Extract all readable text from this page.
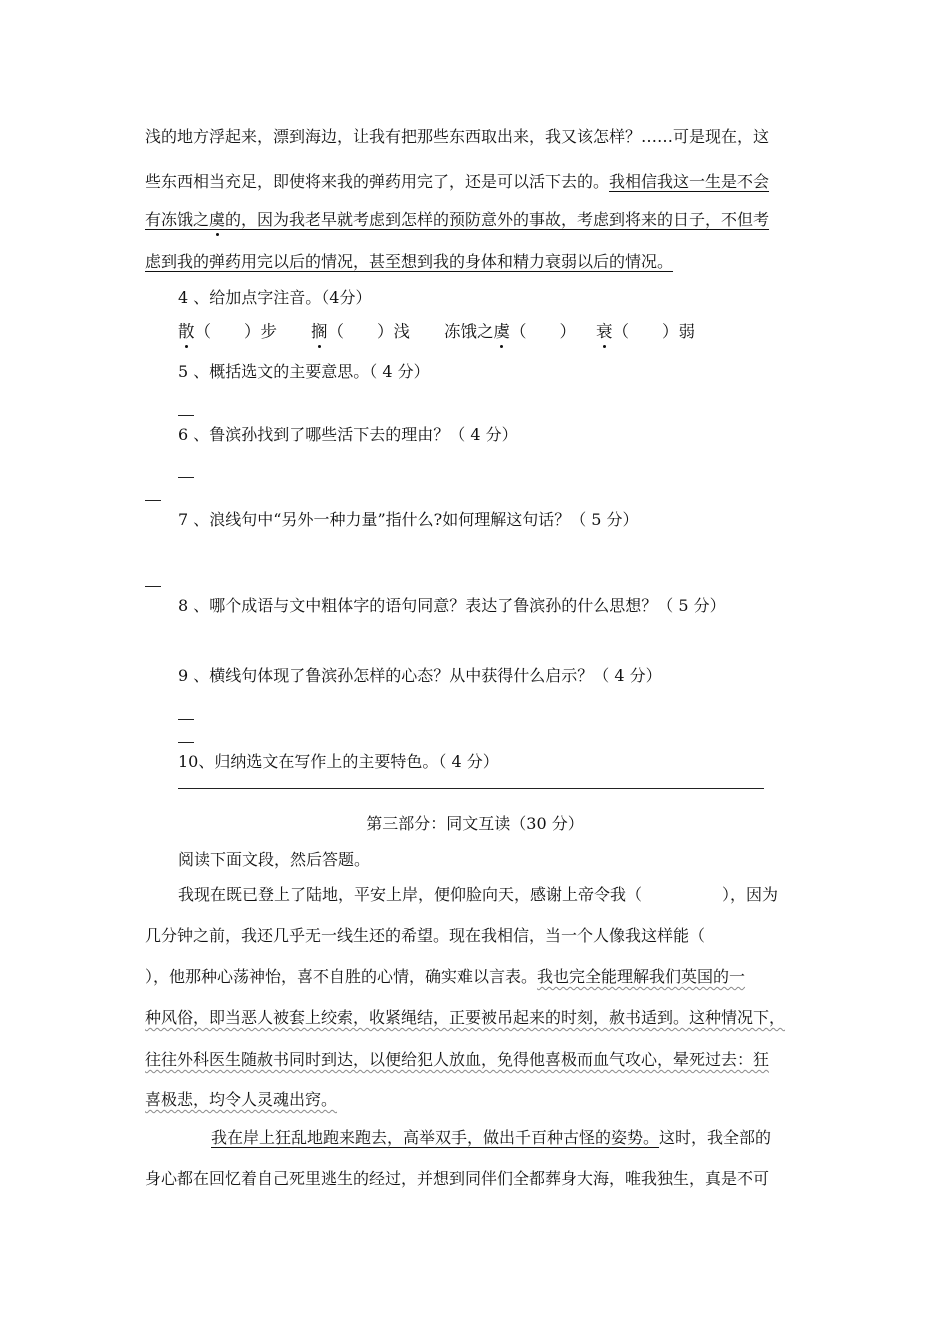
浅的地方浮起来，漂到海边，让我有把那些东西取出来，我又该怎样？……可是现在，这
些东西相当充足，即使将来我的弹药用完了，还是可以活下去的。我相信我这一生是不会
有冻饿之虞的，因为我老早就考虑到怎样的预防意外的事故，考虑到将来的日子，不但考
虑到我的弹药用完以后的情况，甚至想到我的身体和精力衰弱以后的情况。
4 、给加点字注音。（4分）
散（　　）步 搁（　　）浅 冻饿之虞（　　） 衰（　　）弱
5 、概括选文的主要意思。（ 4 分）
6 、鲁滨孙找到了哪些活下去的理由？（ 4 分）
7 、浪线句中“另外一种力量”指什么?如何理解这句话？（ 5 分）
8 、哪个成语与文中粗体字的语句同意？表达了鲁滨孙的什么思想？（ 5 分）
9 、横线句体现了鲁滨孙怎样的心态？从中获得什么启示？（ 4 分）
10、归纳选文在写作上的主要特色。（ 4 分）
第三部分：同文互读（30 分）
阅读下面文段，然后答题。
我现在既已登上了陆地，平安上岸，便仰脸向天，感谢上帝令我（	），因为
几分钟之前，我还几乎无一线生还的希望。现在我相信，当一个人像我这样能（
），他那种心荡神怡，喜不自胜的心情，确实难以言表。我也完全能理解我们英国的一
种风俗，即当恶人被套上绞索，收紧绳结，正要被吊起来的时刻，赦书适到。这种情况下，
往往外科医生随赦书同时到达，以便给犯人放血，免得他喜极而血气攻心，晕死过去：狂
喜极悲，均令人灵魂出窍。
我在岸上狂乱地跑来跑去，高举双手，做出千百种古怪的姿势。这时，我全部的
身心都在回忆着自己死里逃生的经过，并想到同伴们全都葬身大海，唯我独生，真是不可
